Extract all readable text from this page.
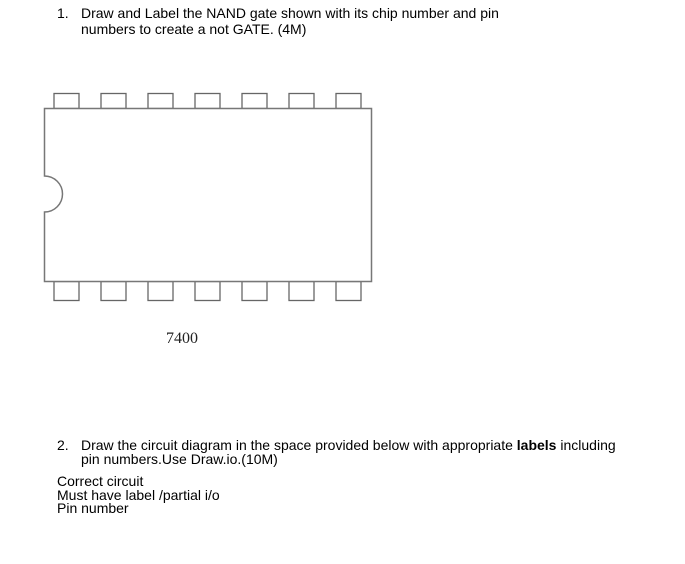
1. Draw and Label the NAND gate shown with its chip number and pin
numbers to create a not GATE. (4M)
7400
2. Draw the circuit diagram in the space provided below with appropriate labels including
pin numbers.Use Draw.io.(10M)
Correct circuit
Must have label /partial i/o
Pin number
